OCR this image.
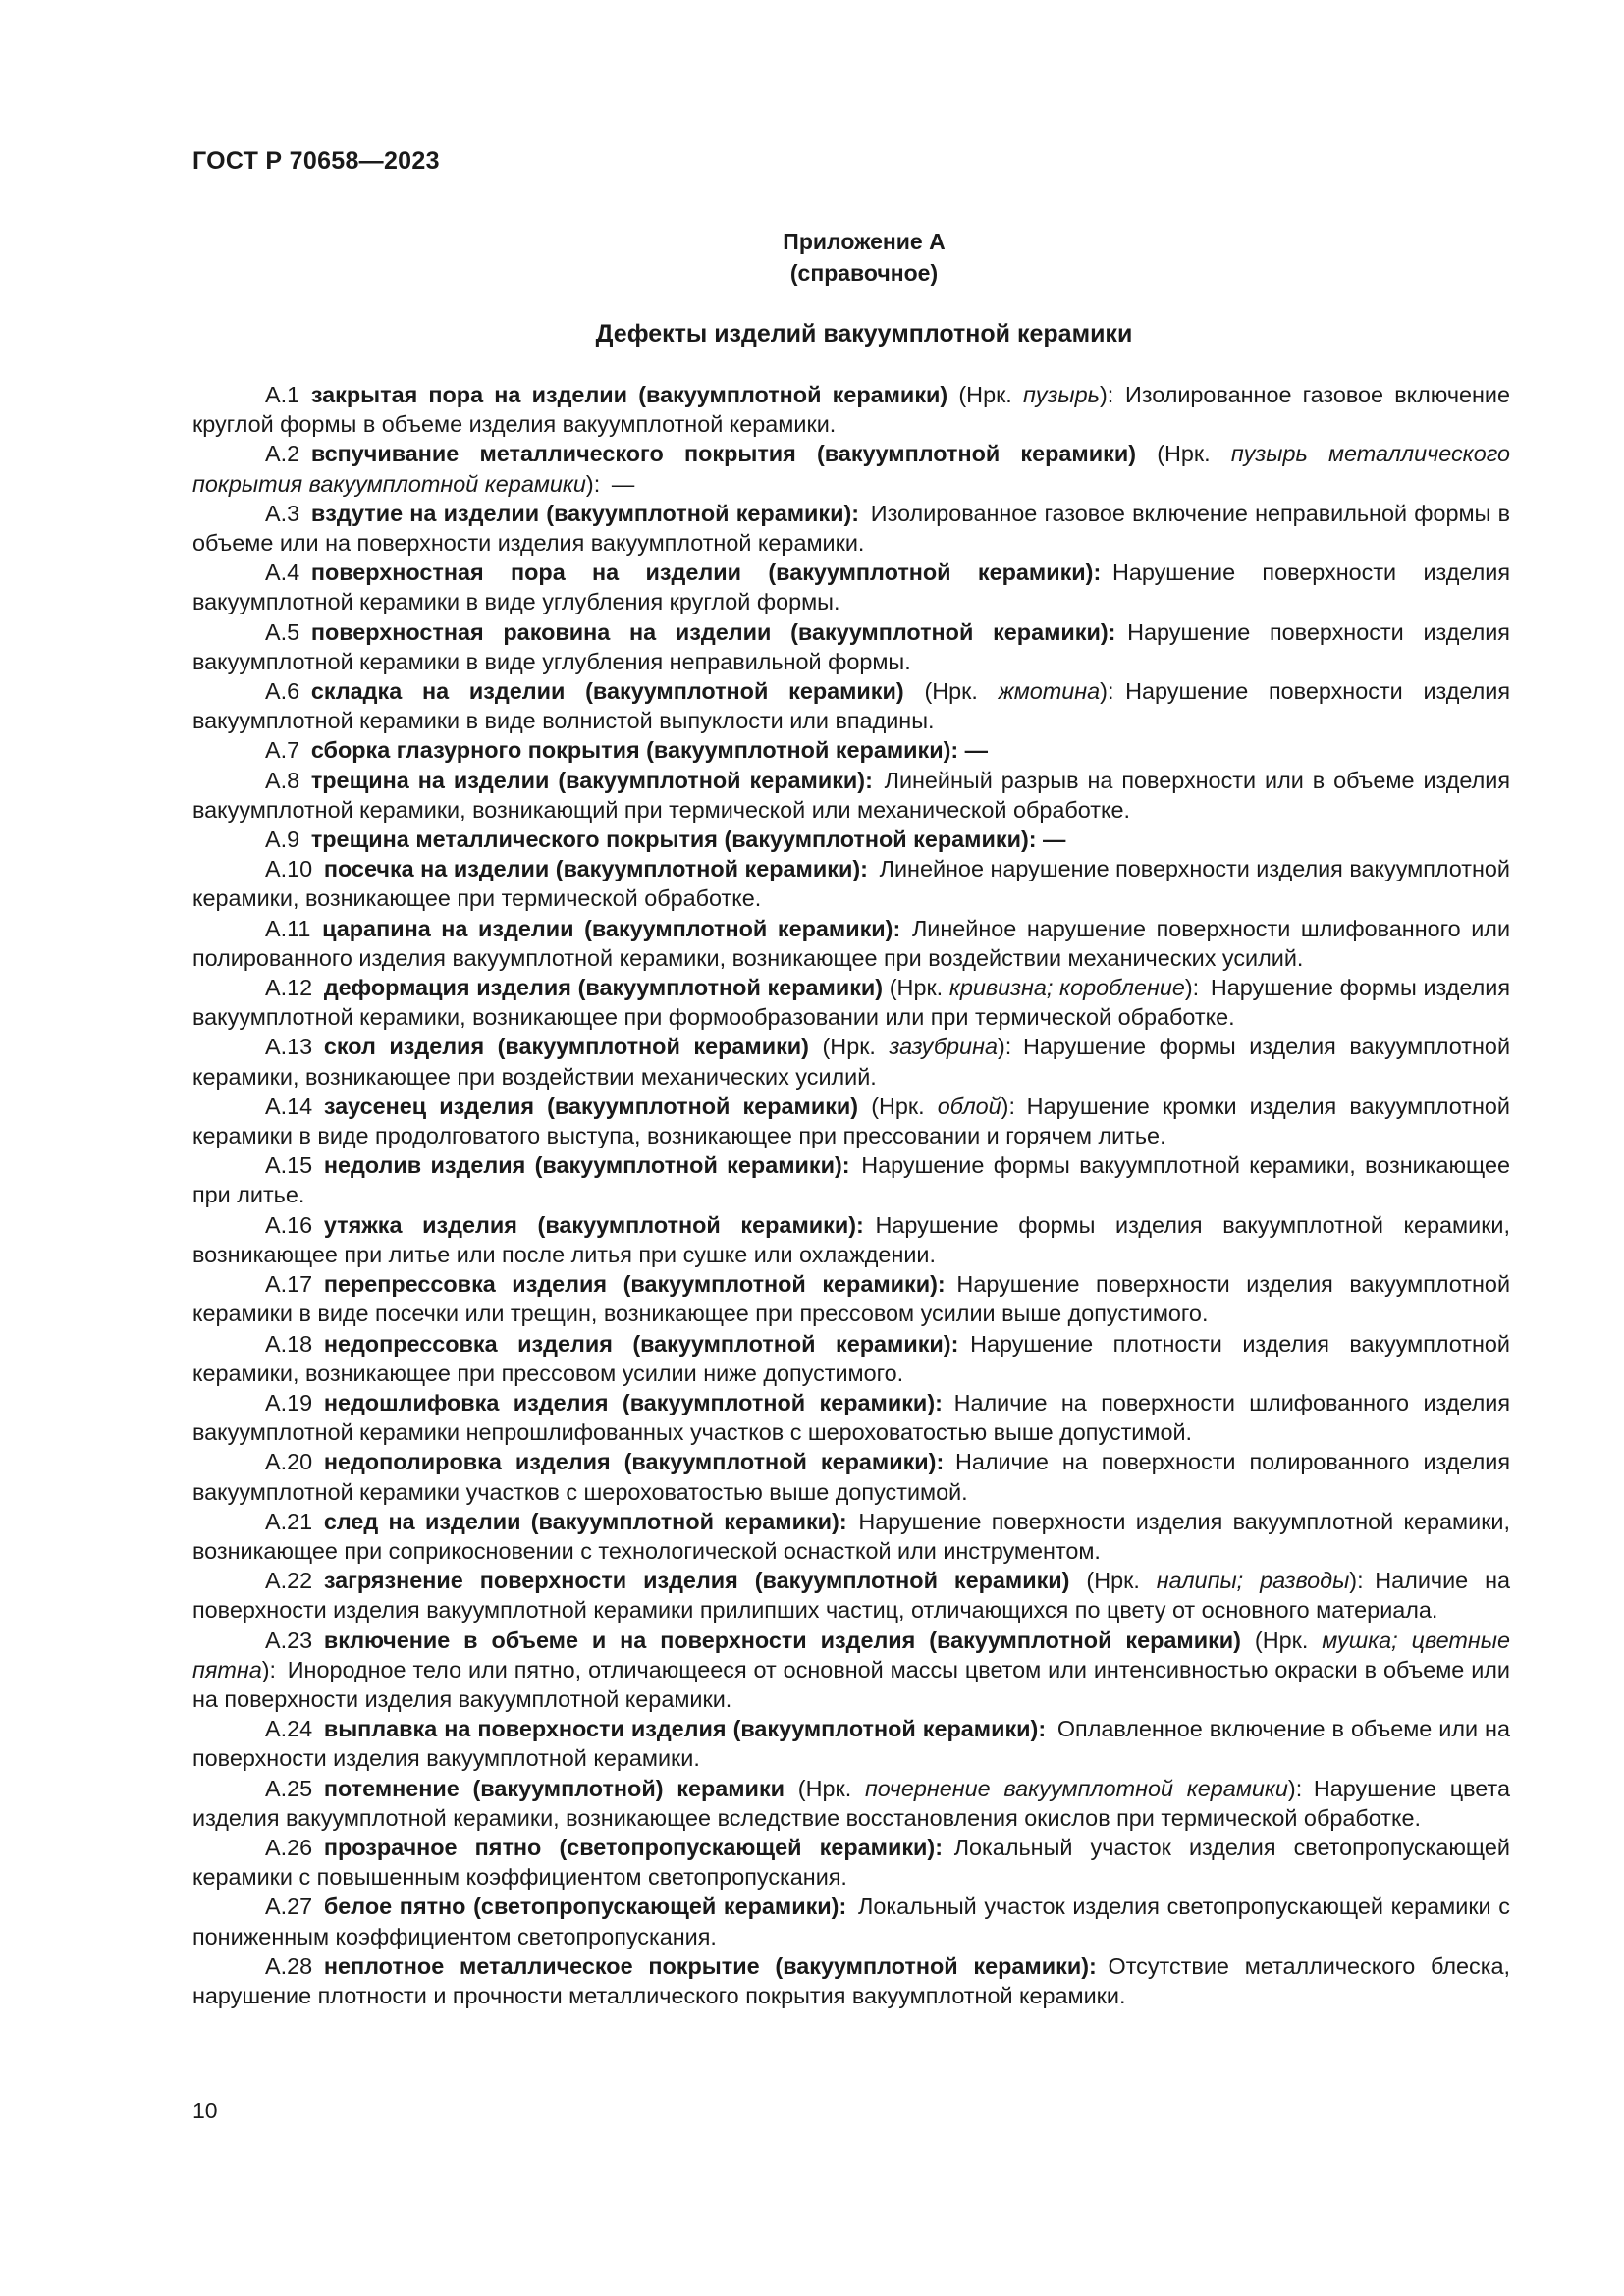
ГОСТ Р 70658—2023
Приложение А
(справочное)
Дефекты изделий вакуумплотной керамики

А.1  закрытая пора на изделии (вакуумплотной керамики) (Нрк. пузырь): Изолированное газовое включение круглой формы в объеме изделия вакуумплотной керамики.

А.2  вспучивание металлического покрытия (вакуумплотной керамики) (Нрк. пузырь металлического покрытия вакуумплотной керамики): —

А.3  вздутие на изделии (вакуумплотной керамики):  Изолированное газовое включение неправильной формы в объеме или на поверхности изделия вакуумплотной керамики.

А.4  поверхностная пора на изделии (вакуумплотной керамики):  Нарушение поверхности изделия вакуумплотной керамики в виде углубления круглой формы.

А.5  поверхностная раковина на изделии (вакуумплотной керамики):  Нарушение поверхности изделия вакуумплотной керамики в виде углубления неправильной формы.

А.6  складка на изделии (вакуумплотной керамики) (Нрк. жмотина): Нарушение поверхности изделия вакуумплотной керамики в виде волнистой выпуклости или впадины.

А.7  сборка глазурного покрытия (вакуумплотной керамики): —

А.8  трещина на изделии (вакуумплотной керамики):  Линейный разрыв на поверхности или в объеме изделия вакуумплотной керамики, возникающий при термической или механической обработке.

А.9  трещина металлического покрытия (вакуумплотной керамики): —

А.10  посечка на изделии (вакуумплотной керамики):  Линейное нарушение поверхности изделия вакуумплотной керамики, возникающее при термической обработке.

А.11  царапина на изделии (вакуумплотной керамики):  Линейное нарушение поверхности шлифованного или полированного изделия вакуумплотной керамики, возникающее при воздействии механических усилий.

А.12  деформация изделия (вакуумплотной керамики) (Нрк. кривизна; коробление): Нарушение формы изделия вакуумплотной керамики, возникающее при формообразовании или при термической обработке.

А.13  скол изделия (вакуумплотной керамики) (Нрк. зазубрина): Нарушение формы изделия вакуумплотной керамики, возникающее при воздействии механических усилий.

А.14  заусенец изделия (вакуумплотной керамики) (Нрк. облой): Нарушение кромки изделия вакуумплотной керамики в виде продолговатого выступа, возникающее при прессовании и горячем литье.

А.15  недолив изделия (вакуумплотной керамики):  Нарушение формы вакуумплотной керамики, возникающее при литье.

А.16  утяжка изделия (вакуумплотной керамики):  Нарушение формы изделия вакуумплотной керамики, возникающее при литье или после литья при сушке или охлаждении.

А.17  перепрессовка изделия (вакуумплотной керамики):  Нарушение поверхности изделия вакуумплотной керамики в виде посечки или трещин, возникающее при прессовом усилии выше допустимого.

А.18  недопрессовка изделия (вакуумплотной керамики):  Нарушение плотности изделия вакуумплотной керамики, возникающее при прессовом усилии ниже допустимого.

А.19  недошлифовка изделия (вакуумплотной керамики):  Наличие на поверхности шлифованного изделия вакуумплотной керамики непрошлифованных участков с шероховатостью выше допустимой.

А.20  недополировка изделия (вакуумплотной керамики):  Наличие на поверхности полированного изделия вакуумплотной керамики участков с шероховатостью выше допустимой.

А.21  след на изделии (вакуумплотной керамики):  Нарушение поверхности изделия вакуумплотной керамики, возникающее при соприкосновении с технологической оснасткой или инструментом.

А.22  загрязнение поверхности изделия (вакуумплотной керамики) (Нрк. налипы; разводы): Наличие на поверхности изделия вакуумплотной керамики прилипших частиц, отличающихся по цвету от основного материала.

А.23  включение в объеме и на поверхности изделия (вакуумплотной керамики) (Нрк. мушка; цветные пятна): Инородное тело или пятно, отличающееся от основной массы цветом или интенсивностью окраски в объеме или на поверхности изделия вакуумплотной керамики.

А.24  выплавка на поверхности изделия (вакуумплотной керамики):  Оплавленное включение в объеме или на поверхности изделия вакуумплотной керамики.

А.25  потемнение (вакуумплотной) керамики (Нрк. почернение вакуумплотной керамики): Нарушение цвета изделия вакуумплотной керамики, возникающее вследствие восстановления окислов при термической обработке.

А.26  прозрачное пятно (светопропускающей керамики):  Локальный участок изделия светопропускающей керамики с повышенным коэффициентом светопропускания.

А.27  белое пятно (светопропускающей керамики):  Локальный участок изделия светопропускающей керамики с пониженным коэффициентом светопропускания.

А.28  неплотное металлическое покрытие (вакуумплотной керамики):  Отсутствие металлического блеска, нарушение плотности и прочности металлического покрытия вакуумплотной керамики.

10
